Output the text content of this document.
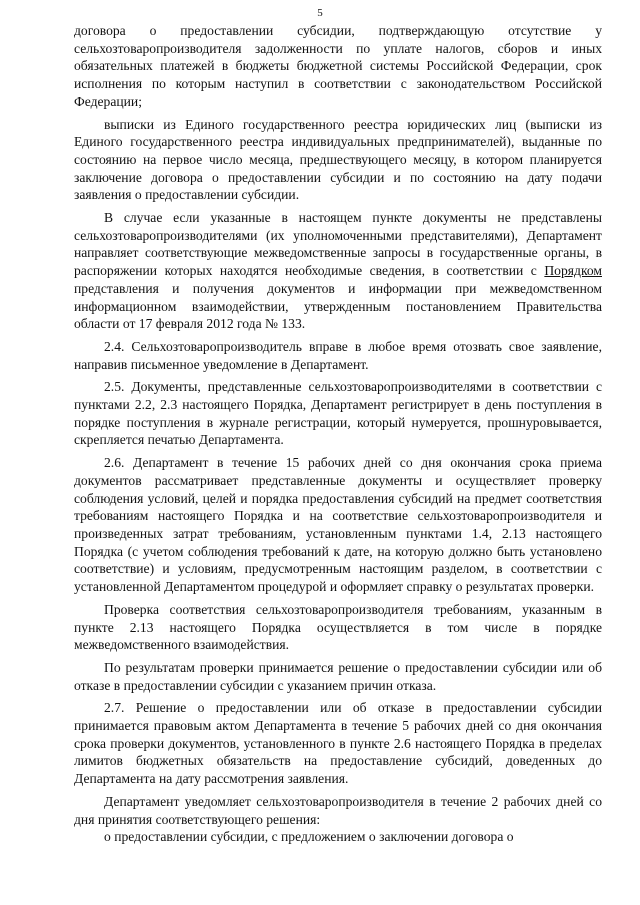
5

договора о предоставлении субсидии, подтверждающую отсутствие у сельхозтоваропроизводителя задолженности по уплате налогов, сборов и иных обязательных платежей в бюджеты бюджетной системы Российской Федерации, срок исполнения по которым наступил в соответствии с законодательством Российской Федерации;

выписки из Единого государственного реестра юридических лиц (выписки из Единого государственного реестра индивидуальных предпринимателей), выданные по состоянию на первое число месяца, предшествующего месяцу, в котором планируется заключение договора о предоставлении субсидии и по состоянию на дату подачи заявления о предоставлении субсидии.

В случае если указанные в настоящем пункте документы не представлены сельхозтоваропроизводителями (их уполномоченными представителями), Департамент направляет соответствующие межведомственные запросы в государственные органы, в распоряжении которых находятся необходимые сведения, в соответствии с Порядком представления и получения документов и информации при межведомственном информационном взаимодействии, утвержденным постановлением Правительства области от 17 февраля 2012 года № 133.

2.4. Сельхозтоваропроизводитель вправе в любое время отозвать свое заявление, направив письменное уведомление в Департамент.

2.5. Документы, представленные сельхозтоваропроизводителями в соответствии с пунктами 2.2, 2.3 настоящего Порядка, Департамент регистрирует в день поступления в порядке поступления в журнале регистрации, который нумеруется, прошнуровывается, скрепляется печатью Департамента.

2.6. Департамент в течение 15 рабочих дней со дня окончания срока приема документов рассматривает представленные документы и осуществляет проверку соблюдения условий, целей и порядка предоставления субсидий на предмет соответствия требованиям настоящего Порядка и на соответствие сельхозтоваропроизводителя и произведенных затрат требованиям, установленным пунктами 1.4, 2.13 настоящего Порядка (с учетом соблюдения требований к дате, на которую должно быть установлено соответствие) и условиям, предусмотренным настоящим разделом, в соответствии с установленной Департаментом процедурой и оформляет справку о результатах проверки.

Проверка соответствия сельхозтоваропроизводителя требованиям, указанным в пункте 2.13 настоящего Порядка осуществляется в том числе в порядке межведомственного взаимодействия.

По результатам проверки принимается решение о предоставлении субсидии или об отказе в предоставлении субсидии с указанием причин отказа.

2.7. Решение о предоставлении или об отказе в предоставлении субсидии принимается правовым актом Департамента в течение 5 рабочих дней со дня окончания срока проверки документов, установленного в пункте 2.6 настоящего Порядка в пределах лимитов бюджетных обязательств на предоставление субсидий, доведенных до Департамента на дату рассмотрения заявления.

Департамент уведомляет сельхозтоваропроизводителя в течение 2 рабочих дней со дня принятия соответствующего решения:

о предоставлении субсидии, с предложением о заключении договора о
